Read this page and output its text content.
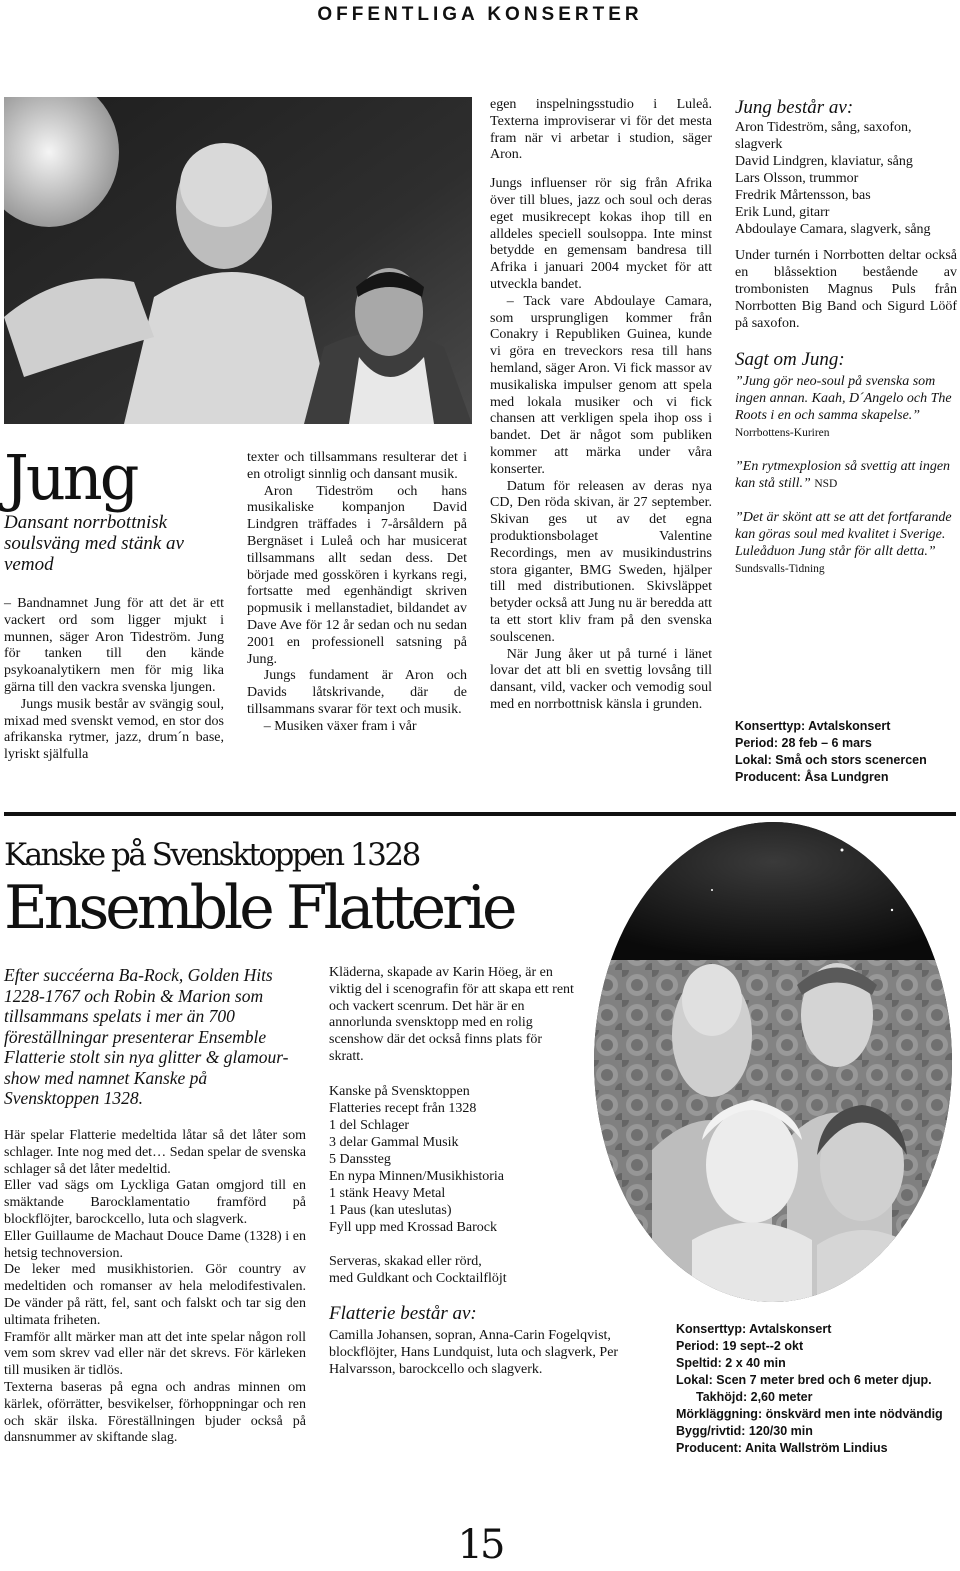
OFFENTLIGA KONSERTER
Jung
Dansant norrbottnisk soulsväng med stänk av vemod

– Bandnamnet Jung för att det är ett vackert ord som ligger mjukt i munnen, säger Aron Tideström. Jung för tanken till den kände psykoanalytikern men för mig lika gärna till den vackra svenska ljungen.

Jungs musik består av svängig soul, mixad med svenskt vemod, en stor dos afrikanska rytmer, jazz, drum´n base, lyriskt själfulla

texter och tillsammans resulterar det i en otroligt sinnlig och dansant musik.

Aron Tideström och hans musikaliske kompanjon David Lindgren träffades i 7-årsåldern på Bergnäset i Luleå och har musicerat tillsammans allt sedan dess. Det började med gosskören i kyrkans regi, fortsatte med egenhändigt skriven popmusik i mellanstadiet, bildandet av Dave Ave för 12 år sedan och nu sedan 2001 en professionell satsning på Jung.

Jungs fundament är Aron och Davids låtskrivande, där de tillsammans svarar för text och musik.

– Musiken växer fram i vår

egen inspelningsstudio i Luleå. Texterna improviserar vi för det mesta fram när vi arbetar i studion, säger Aron.

Jungs influenser rör sig från Afrika över till blues, jazz och soul och deras eget musikrecept kokas ihop till en alldeles speciell soulsoppa. Inte minst betydde en gemensam bandresa till Afrika i januari 2004 mycket för att utveckla bandet.

– Tack vare Abdoulaye Camara, som ursprungligen kommer från Conakry i Republiken Guinea, kunde vi göra en treveckors resa till hans hemland, säger Aron. Vi fick massor av musikaliska impulser genom att spela med lokala musiker och vi fick chansen att verkligen spela ihop oss i bandet. Det är något som publiken kommer att märka under våra konserter.

Datum för releasen av deras nya CD, Den röda skivan, är 27 september. Skivan ges ut av det egna produktionsbolaget Valentine Recordings, men av musikindustrins stora giganter, BMG Sweden, hjälper till med distributionen. Skivsläppet betyder också att Jung nu är beredda att ta ett stort kliv fram på den svenska soulscenen.

När Jung åker ut på turné i länet lovar det att bli en svettig lovsång till dansant, vild, vacker och vemodig soul med en norrbottnisk känsla i grunden.

Jung består av:
Aron Tideström, sång, saxofon, slagverk
David Lindgren, klaviatur, sång
Lars Olsson, trummor
Fredrik Mårtensson, bas
Erik Lund, gitarr
Abdoulaye Camara, slagverk, sång
Under turnén i Norrbotten deltar också en blåssektion bestående av trombonisten Magnus Puls från Norrbotten Big Band och Sigurd Lööf på saxofon.
Sagt om Jung:
”Jung gör neo-soul på svenska som ingen annan. Kaah, D´Angelo och The Roots i en och samma skapelse.” Norrbottens-Kuriren
”En rytmexplosion så svettig att ingen kan stå still.” NSD
”Det är skönt att se att det fortfarande kan göras soul med kvalitet i Sverige. Luleåduon Jung står för allt detta.” Sundsvalls-Tidning
Konserttyp: Avtalskonsert
Period: 28 feb – 6 mars
Lokal: Små och stors scenercen
Producent: Åsa Lundgren
Kanske på Svensktoppen 1328
Ensemble Flatterie
Efter succéerna Ba-Rock, Golden Hits 1228-1767 och Robin & Marion som tillsammans spelats i mer än 700 föreställningar presenterar Ensemble Flatterie stolt sin nya glitter & glamour-show med namnet Kanske på Svensktoppen 1328.

Här spelar Flatterie medeltida låtar så det låter som schlager. Inte nog med det… Sedan spelar de svenska schlager så det låter medeltid.

Eller vad sägs om Lyckliga Gatan omgjord till en smäktande Barocklamentatio framförd på blockflöjter, barockcello, luta och slagverk.

Eller Guillaume de Machaut Douce Dame (1328) i en hetsig technoversion.

De leker med musikhistorien. Gör country av medeltiden och romanser av hela melodifestivalen. De vänder på rätt, fel, sant och falskt och tar sig den ultimata friheten.

Framför allt märker man att det inte spelar någon roll vem som skrev vad eller när det skrevs. För kärleken till musiken är tidlös.

Texterna baseras på egna och andras minnen om kärlek, oförrätter, besvikelser, förhoppningar och ren och skär ilska. Föreställningen bjuder också på dansnummer av skiftande slag.

Kläderna, skapade av Karin Höeg, är en viktig del i scenografin för att skapa ett rent och vackert scenrum. Det här är en annorlunda svensktopp med en rolig scenshow där det också finns plats för skratt.
Kanske på Svensktoppen
Flatteries recept från 1328
1 del Schlager
3 delar Gammal Musik
5 Danssteg
En nypa Minnen/Musikhistoria
1 stänk Heavy Metal
1 Paus (kan uteslutas)
Fyll upp med Krossad Barock
Serveras, skakad eller rörd,
med Guldkant och Cocktailflöjt
Flatterie består av:
Camilla Johansen, sopran, Anna-Carin Fogelqvist, blockflöjter, Hans Lundquist, luta och slagverk, Per Halvarsson, barockcello och slagverk.
Konserttyp: Avtalskonsert
Period: 19 sept--2 okt
Speltid: 2 x 40 min
Lokal: Scen 7 meter bred och 6 meter djup.
Takhöjd: 2,60 meter
Mörkläggning: önskvärd men inte nödvändig
Bygg/rivtid: 120/30 min
Producent: Anita Wallström Lindius
15
